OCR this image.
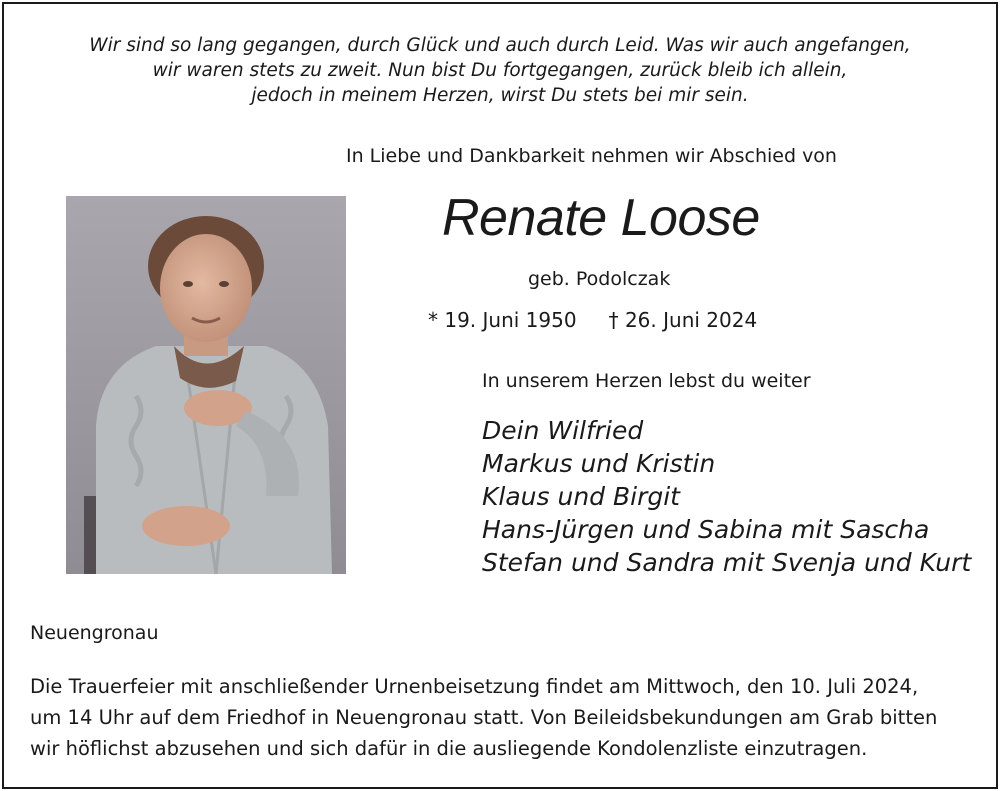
Wir sind so lang gegangen, durch Glück und auch durch Leid. Was wir auch angefangen,
wir waren stets zu zweit. Nun bist Du fortgegangen, zurück bleib ich allein,
jedoch in meinem Herzen, wirst Du stets bei mir sein.
In Liebe und Dankbarkeit nehmen wir Abschied von
Renate Loose
geb. Podolczak
* 19. Juni 1950 † 26. Juni 2024
In unserem Herzen lebst du weiter
Dein Wilfried
Markus und Kristin
Klaus und Birgit
Hans-Jürgen und Sabina mit Sascha
Stefan und Sandra mit Svenja und Kurt
Neuengronau
Die Trauerfeier mit anschließender Urnenbeisetzung findet am Mittwoch, den 10. Juli 2024,
um 14 Uhr auf dem Friedhof in Neuengronau statt. Von Beileidsbekundungen am Grab bitten
wir höflichst abzusehen und sich dafür in die ausliegende Kondolenzliste einzutragen.
